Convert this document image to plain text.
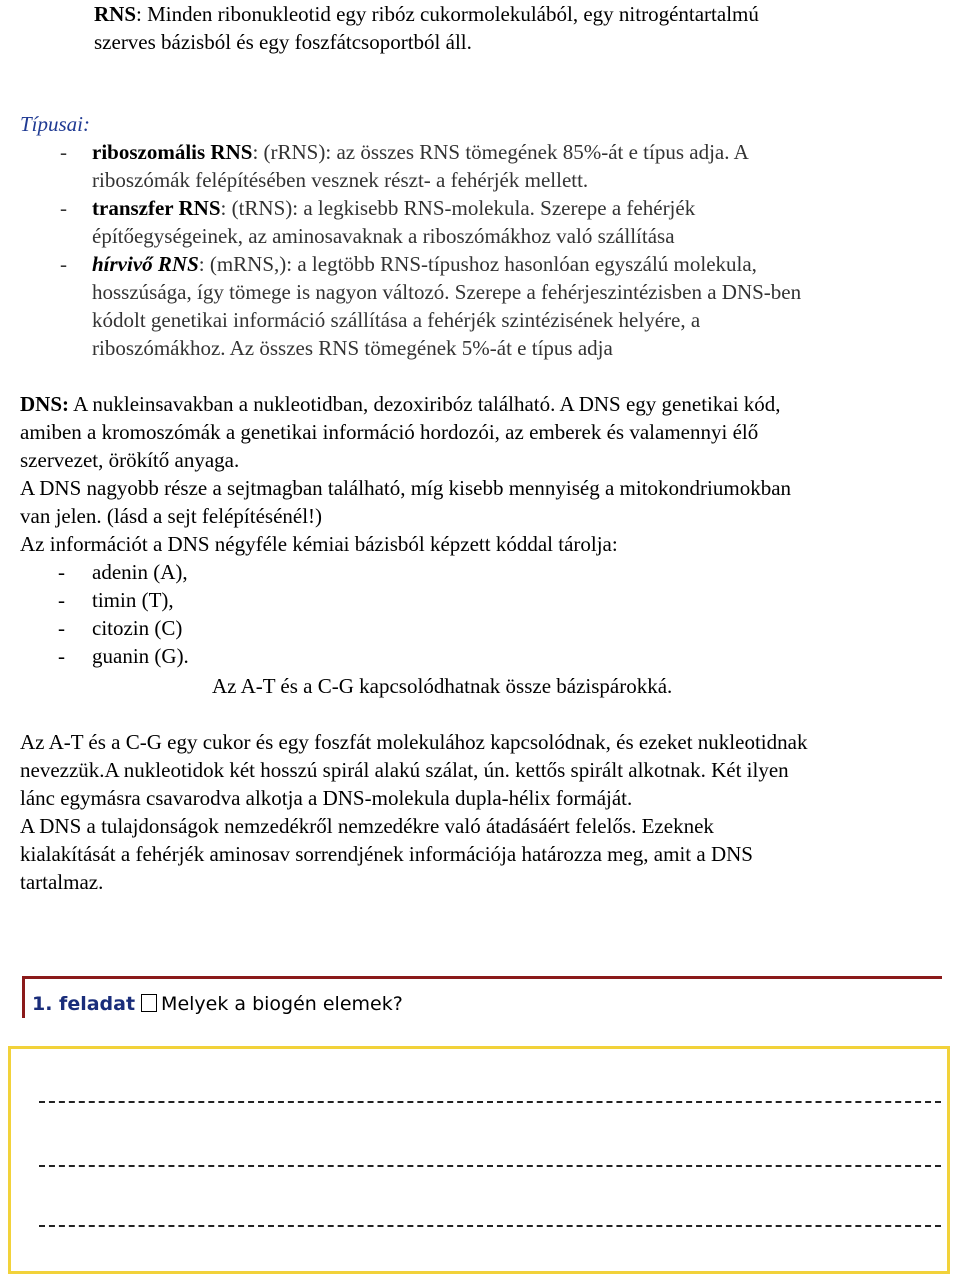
RNS: Minden ribonukleotid egy ribóz cukormolekulából, egy nitrogéntartalmú
szerves bázisból és egy foszfátcsoportból áll.
Típusai:
- riboszomális RNS: (rRNS): az összes RNS tömegének 85%-át e típus adja. A
riboszómák felépítésében vesznek részt- a fehérjék mellett.
- transzfer RNS: (tRNS): a legkisebb RNS-molekula. Szerepe a fehérjék
építőegységeinek, az aminosavaknak a riboszómákhoz való szállítása
- hírvivő RNS: (mRNS,): a legtöbb RNS-típushoz hasonlóan egyszálú molekula,
hosszúsága, így tömege is nagyon változó. Szerepe a fehérjeszintézisben a DNS-ben
kódolt genetikai információ szállítása a fehérjék szintézisének helyére, a
riboszómákhoz. Az összes RNS tömegének 5%-át e típus adja
DNS: A nukleinsavakban a nukleotidban, dezoxiribóz található. A DNS egy genetikai kód,
amiben a kromoszómák a genetikai információ hordozói, az emberek és valamennyi élő
szervezet, örökítő anyaga.
A DNS nagyobb része a sejtmagban található, míg kisebb mennyiség a mitokondriumokban
van jelen. (lásd a sejt felépítésénél!)
Az információt a DNS négyféle kémiai bázisból képzett kóddal tárolja:
- adenin (A),
- timin (T),
- citozin (C)
- guanin (G).
Az A-T és a C-G kapcsolódhatnak össze bázispárokká.
Az A-T és a C-G egy cukor és egy foszfát molekulához kapcsolódnak, és ezeket nukleotidnak
nevezzük.A nukleotidok két hosszú spirál alakú szálat, ún. kettős spirált alkotnak. Két ilyen
lánc egymásra csavarodva alkotja a DNS-molekula dupla-hélix formáját.
A DNS a tulajdonságok nemzedékről nemzedékre való átadásáért felelős. Ezeknek
kialakítását a fehérjék aminosav sorrendjének információja határozza meg, amit a DNS
tartalmaz.
1. feladat Melyek a biogén elemek?
